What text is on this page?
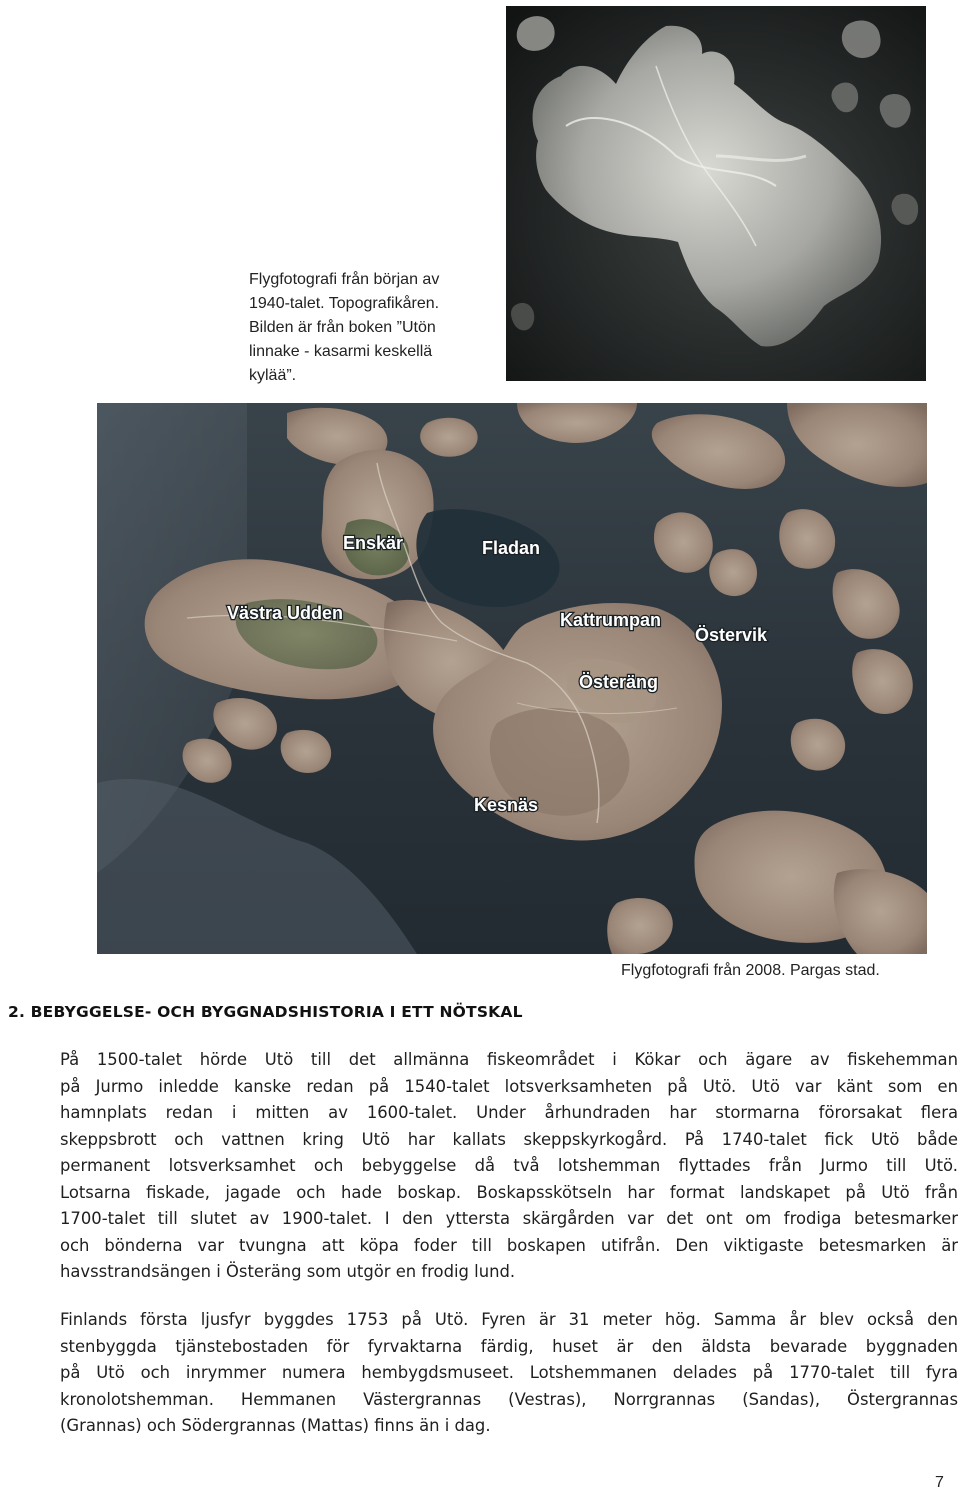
Flygfotografi från början av
1940-talet. Topografikåren.
Bilden är från boken ”Utön
linnake - kasarmi keskellä
kylää”.
Enskär	Fladan
Västra Udden	Kattrumpan
Östervik
Österäng
Kesnäs
Flygfotografi från 2008. Pargas stad.
2. BEBYGGELSE- OCH BYGGNADSHISTORIA I ETT NÖTSKAL
På 1500-talet hörde Utö till det allmänna fiskeområdet i Kökar och ägare av fiskehemman
på Jurmo inledde kanske redan på 1540-talet lotsverksamheten på Utö. Utö var känt som en
hamnplats redan i mitten av 1600-talet. Under århundraden har stormarna förorsakat flera
skeppsbrott och vattnen kring Utö har kallats skeppskyrkogård. På 1740-talet fick Utö både
permanent lotsverksamhet och bebyggelse då två lotshemman flyttades från Jurmo till Utö.
Lotsarna fiskade, jagade och hade boskap. Boskapsskötseln har format landskapet på Utö från
1700-talet till slutet av 1900-talet. I den yttersta skärgården var det ont om frodiga betesmarker
och bönderna var tvungna att köpa foder till boskapen utifrån. Den viktigaste betesmarken är
havsstrandsängen i Österäng som utgör en frodig lund.
Finlands första ljusfyr byggdes 1753 på Utö. Fyren är 31 meter hög. Samma år blev också den
stenbyggda tjänstebostaden för fyrvaktarna färdig, huset är den äldsta bevarade byggnaden
på Utö och inrymmer numera hembygdsmuseet. Lotshemmanen delades på 1770-talet till fyra
kronolotshemman. Hemmanen Västergrannas (Vestras), Norrgrannas (Sandas), Östergrannas
(Grannas) och Södergrannas (Mattas) finns än i dag.
7
